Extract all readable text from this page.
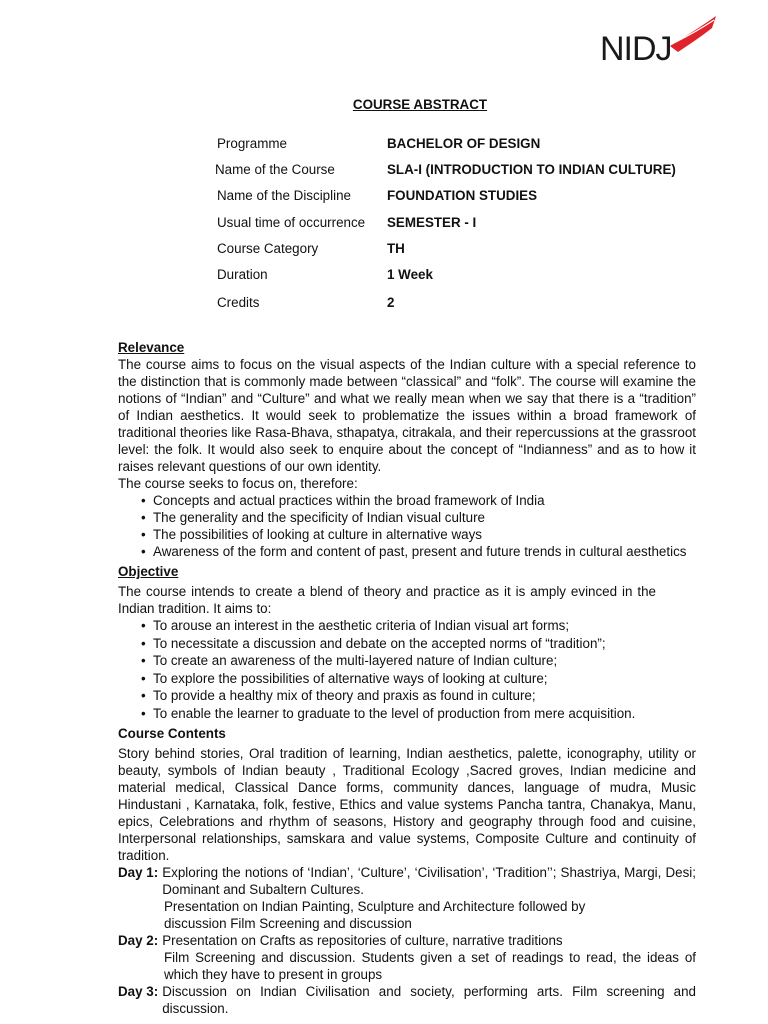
NIDJ
COURSE ABSTRACT
Programme	BACHELOR OF DESIGN
Name of the Course	SLA-I (INTRODUCTION TO INDIAN CULTURE)
Name of the Discipline	FOUNDATION STUDIES
Usual time of occurrence	SEMESTER - I
Course Category	TH
Duration	1 Week
Credits	2
Relevance

The course aims to focus on the visual aspects of the Indian culture with a special reference to the distinction that is commonly made between “classical” and “folk”. The course will examine the notions of “Indian” and “Culture” and what we really mean when we say that there is a “tradition” of Indian aesthetics. It would seek to problematize the issues within a broad framework of traditional theories like Rasa-Bhava, sthapatya, citrakala, and their repercussions at the grassroot level: the folk. It would also seek to enquire about the concept of “Indianness” and as to how it raises relevant questions of our own identity.

The course seeks to focus on, therefore:

• Concepts and actual practices within the broad framework of India
• The generality and the specificity of Indian visual culture
• The possibilities of looking at culture in alternative ways
• Awareness of the form and content of past, present and future trends in cultural aesthetics
Objective

The course intends to create a blend of theory and practice as it is amply evinced in the Indian tradition. It aims to:

• To arouse an interest in the aesthetic criteria of Indian visual art forms;
• To necessitate a discussion and debate on the accepted norms of “tradition”;
• To create an awareness of the multi-layered nature of Indian culture;
• To explore the possibilities of alternative ways of looking at culture;
• To provide a healthy mix of theory and praxis as found in culture;
• To enable the learner to graduate to the level of production from mere acquisition.
Course Contents

Story behind stories, Oral tradition of learning, Indian aesthetics, palette, iconography, utility or beauty, symbols of Indian beauty , Traditional Ecology ,Sacred groves, Indian medicine and material medical, Classical Dance forms, community dances, language of mudra, Music Hindustani , Karnataka, folk, festive, Ethics and value systems Pancha tantra, Chanakya, Manu, epics, Celebrations and rhythm of seasons, History and geography through food and cuisine, Interpersonal relationships, samskara and value systems, Composite Culture and continuity of tradition.

Day 1: Exploring the notions of ‘Indian’, ‘Culture’, ‘Civilisation’, ‘Tradition’’; Shastriya, Margi, Desi; Dominant and Subaltern Cultures.
Presentation on Indian Painting, Sculpture and Architecture followed by discussion Film Screening and discussion
Day 2: Presentation on Crafts as repositories of culture, narrative traditions
Film Screening and discussion. Students given a set of readings to read, the ideas of which they have to present in groups
Day 3: Discussion on Indian Civilisation and society, performing arts. Film screening and discussion.
